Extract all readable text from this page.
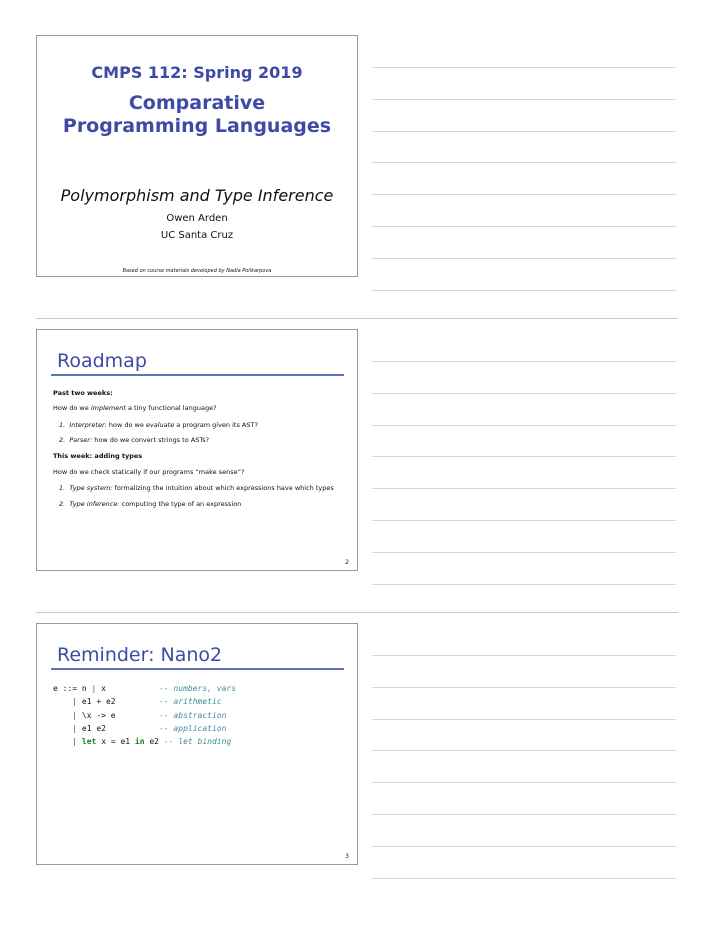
CMPS 112: Spring 2019
Comparative Programming Languages
Polymorphism and Type Inference
Owen Arden
UC Santa Cruz
Based on course materials developed by Nadia Polikarpova
Roadmap
Past two weeks:
How do we implement a tiny functional language?
1. Interpreter: how do we evaluate a program given its AST?
2. Parser: how do we convert strings to ASTs?
This week: adding types
How do we check statically if our programs “make sense”?
1. Type system: formalizing the intuition about which expressions have which types
2. Type inference: computing the type of an expression
2
Reminder: Nano2
e ::= n | x	-- numbers, vars
| e1 + e2	-- arithmetic
| \x -> e	-- abstraction
| e1 e2	-- application
| let x = e1 in e2 -- let binding
3
